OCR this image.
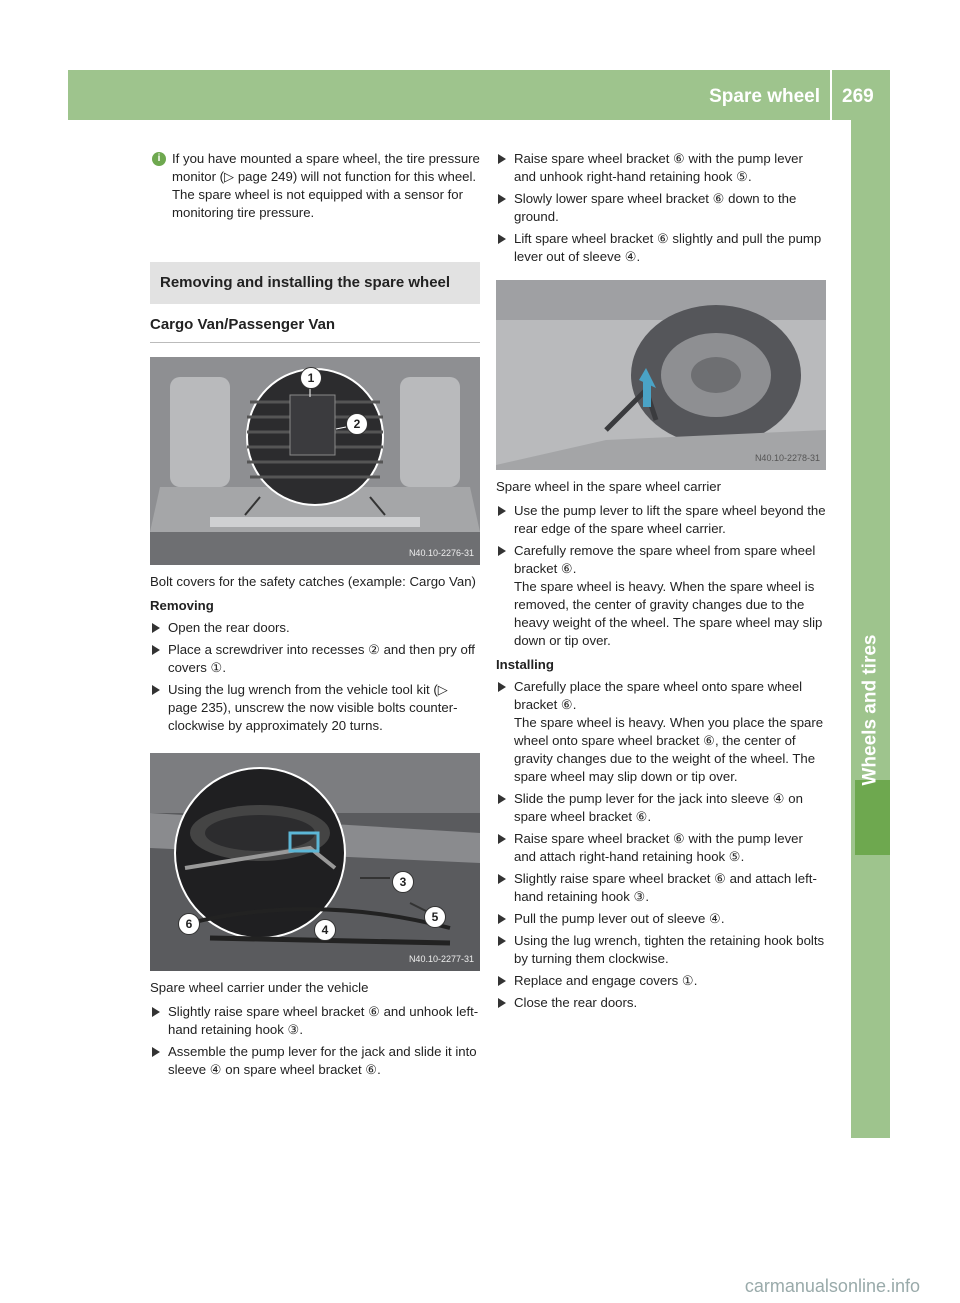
Spare wheel 269
Wheels and tires
i If you have mounted a spare wheel, the tire pressure monitor (▷ page 249) will not function for this wheel. The spare wheel is not equipped with a sensor for monitoring tire pressure.
Removing and installing the spare wheel
Cargo Van/Passenger Van
1
2
N40.10-2276-31

Bolt covers for the safety catches (example: Cargo Van)

Removing
Open the rear doors.
Place a screwdriver into recesses ② and then pry off covers ①.
Using the lug wrench from the vehicle tool kit (▷ page 235), unscrew the now visible bolts counter-clockwise by approximately 20 turns.
3
5
4
6
N40.10-2277-31

Spare wheel carrier under the vehicle

Slightly raise spare wheel bracket ⑥ and unhook left-hand retaining hook ③.
Assemble the pump lever for the jack and slide it into sleeve ④ on spare wheel bracket ⑥.
Raise spare wheel bracket ⑥ with the pump lever and unhook right-hand retaining hook ⑤.
Slowly lower spare wheel bracket ⑥ down to the ground.
Lift spare wheel bracket ⑥ slightly and pull the pump lever out of sleeve ④.
N40.10-2278-31

Spare wheel in the spare wheel carrier

Use the pump lever to lift the spare wheel beyond the rear edge of the spare wheel carrier.
Carefully remove the spare wheel from spare wheel bracket ⑥.
The spare wheel is heavy. When the spare wheel is removed, the center of gravity changes due to the heavy weight of the wheel. The spare wheel may slip down or tip over.
Installing
Carefully place the spare wheel onto spare wheel bracket ⑥.
The spare wheel is heavy. When you place the spare wheel onto spare wheel bracket ⑥, the center of gravity changes due to the weight of the wheel. The spare wheel may slip down or tip over.
Slide the pump lever for the jack into sleeve ④ on spare wheel bracket ⑥.
Raise spare wheel bracket ⑥ with the pump lever and attach right-hand retaining hook ⑤.
Slightly raise spare wheel bracket ⑥ and attach left-hand retaining hook ③.
Pull the pump lever out of sleeve ④.
Using the lug wrench, tighten the retaining hook bolts by turning them clockwise.
Replace and engage covers ①.
Close the rear doors.
carmanualsonline.info
